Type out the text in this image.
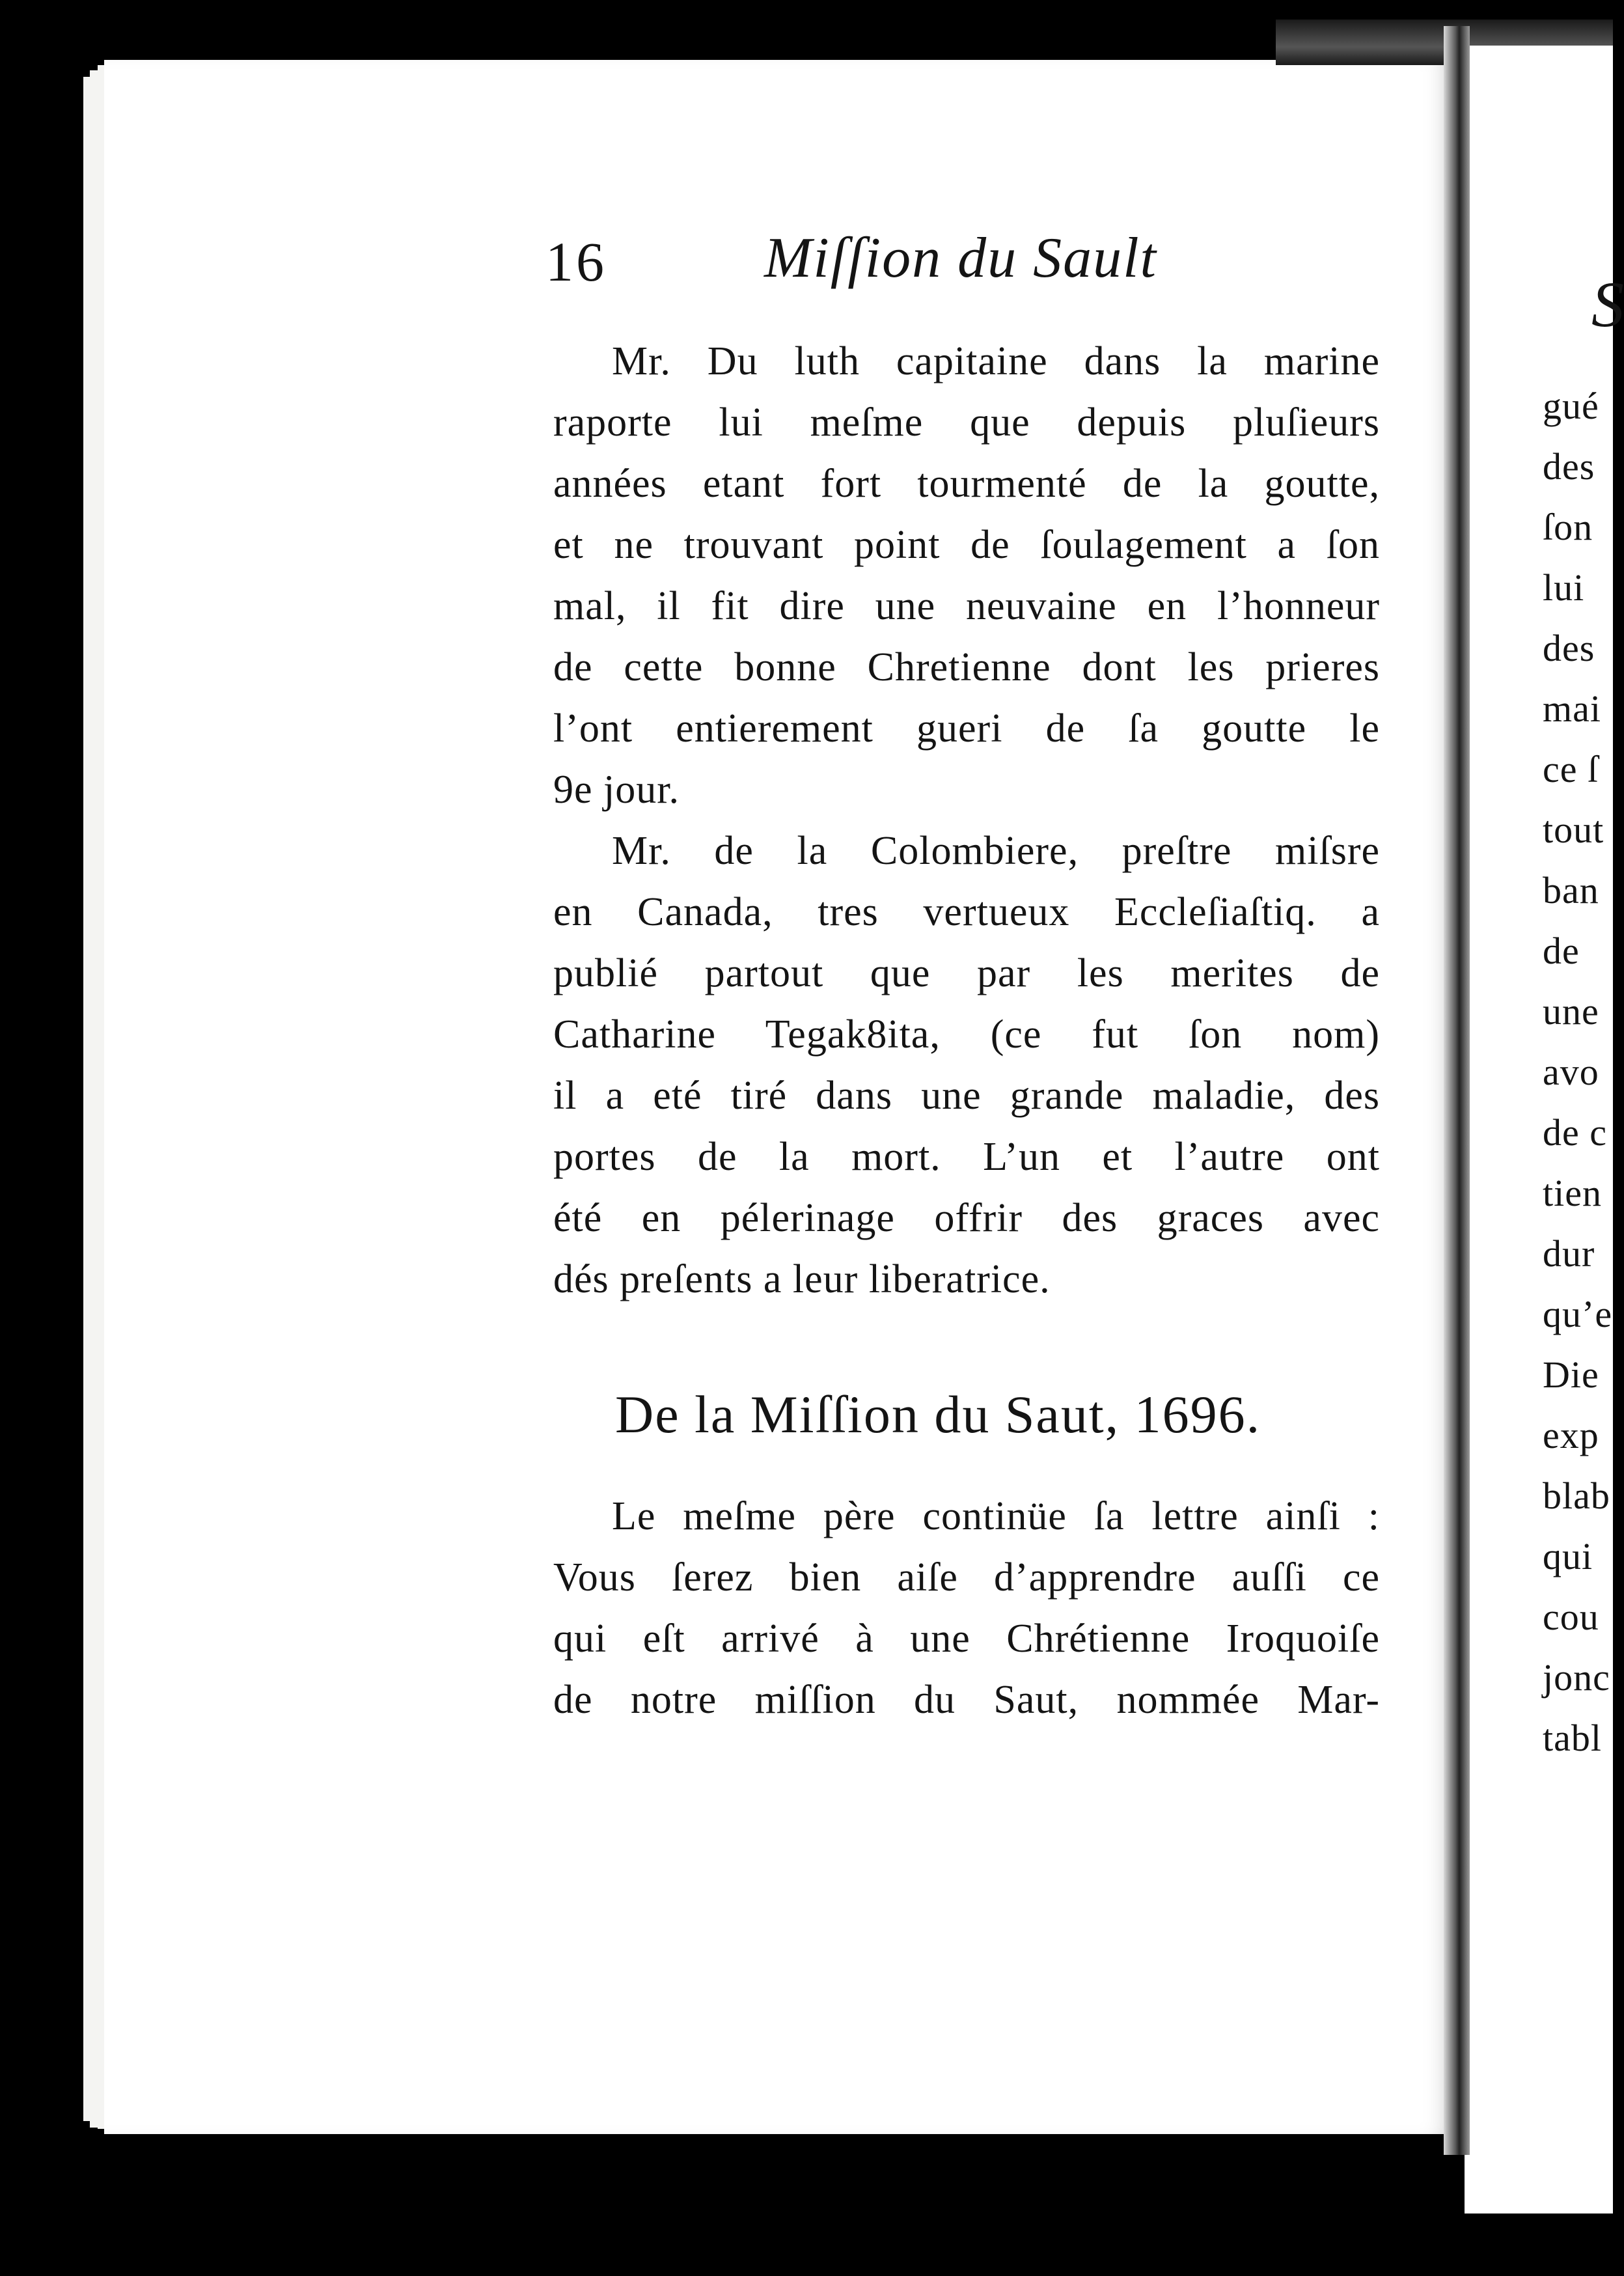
S
gué
des
ſon
lui
des
mai
ce ſ
tout
ban
de
une
avo
de c
tien
dur
qu’e
Die
exp
blab
qui
cou
jonc
tabl
16	Miſſion du Sault
Mr. Du luth capitaine dans la marine
raporte lui meſme que depuis pluſieurs
années etant fort tourmenté de la goutte,
et ne trouvant point de ſoulagement a ſon
mal, il fit dire une neuvaine en l’honneur
de cette bonne Chretienne dont les prieres
l’ont entierement gueri de ſa goutte le
9e jour.
Mr. de la Colombiere, preſtre miſsre
en Canada, tres vertueux Eccleſiaſtiq. a
publié partout que par les merites de
Catharine Tegak8ita, (ce fut ſon nom)
il a eté tiré dans une grande maladie, des
portes de la mort. L’un et l’autre ont
été en pélerinage offrir des graces avec
dés preſents a leur liberatrice.
De la Miſſion du Saut, 1696.
Le meſme père continüe ſa lettre ainſi :
Vous ſerez bien aiſe d’apprendre auſſi ce
qui eſt arrivé à une Chrétienne Iroquoiſe
de notre miſſion du Saut, nommée Mar-
